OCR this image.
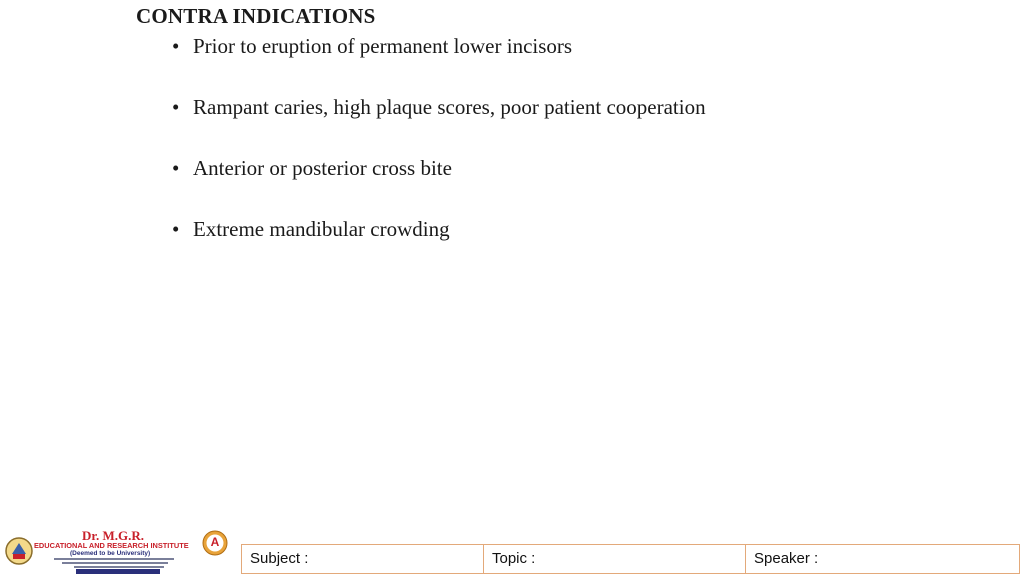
CONTRA INDICATIONS
• Prior to eruption of permanent lower incisors
• Rampant caries, high plaque scores, poor patient cooperation
• Anterior or posterior cross bite
• Extreme mandibular crowding
Dr. M.G.R.
EDUCATIONAL AND RESEARCH INSTITUTE
(Deemed to be University)
A
Subject :	Topic :	Speaker :
